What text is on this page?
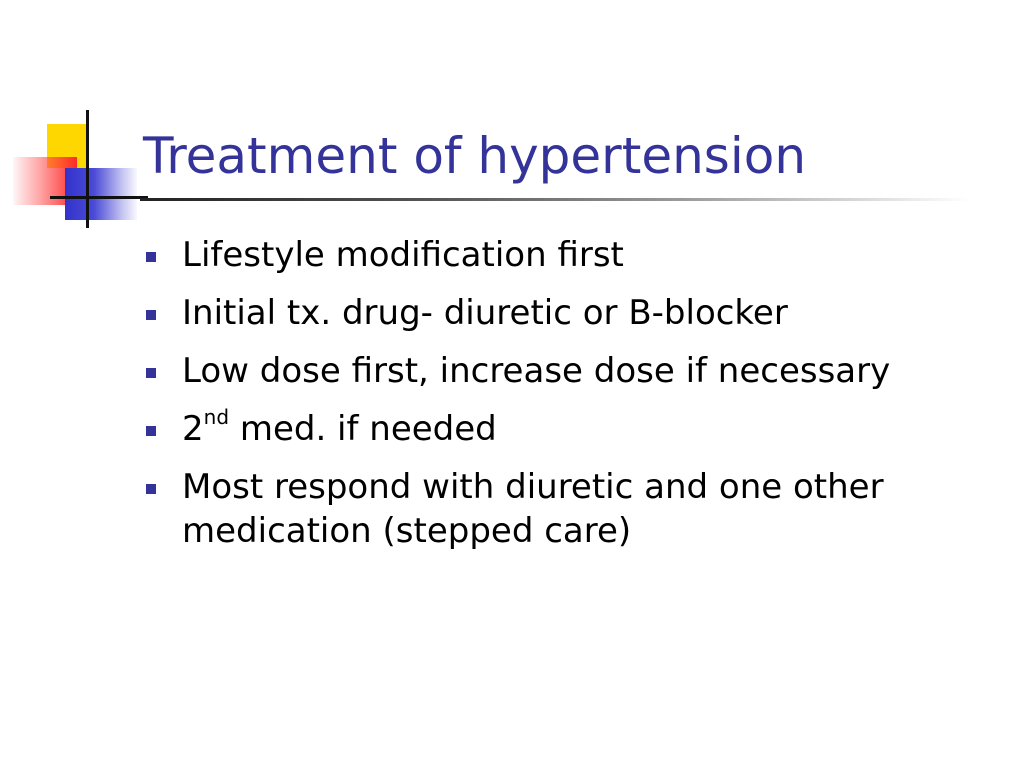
Treatment of hypertension
Lifestyle modification first
Initial tx. drug- diuretic or B-blocker
Low dose first, increase dose if necessary
2nd med. if needed
Most respond with diuretic and one other medication (stepped care)
